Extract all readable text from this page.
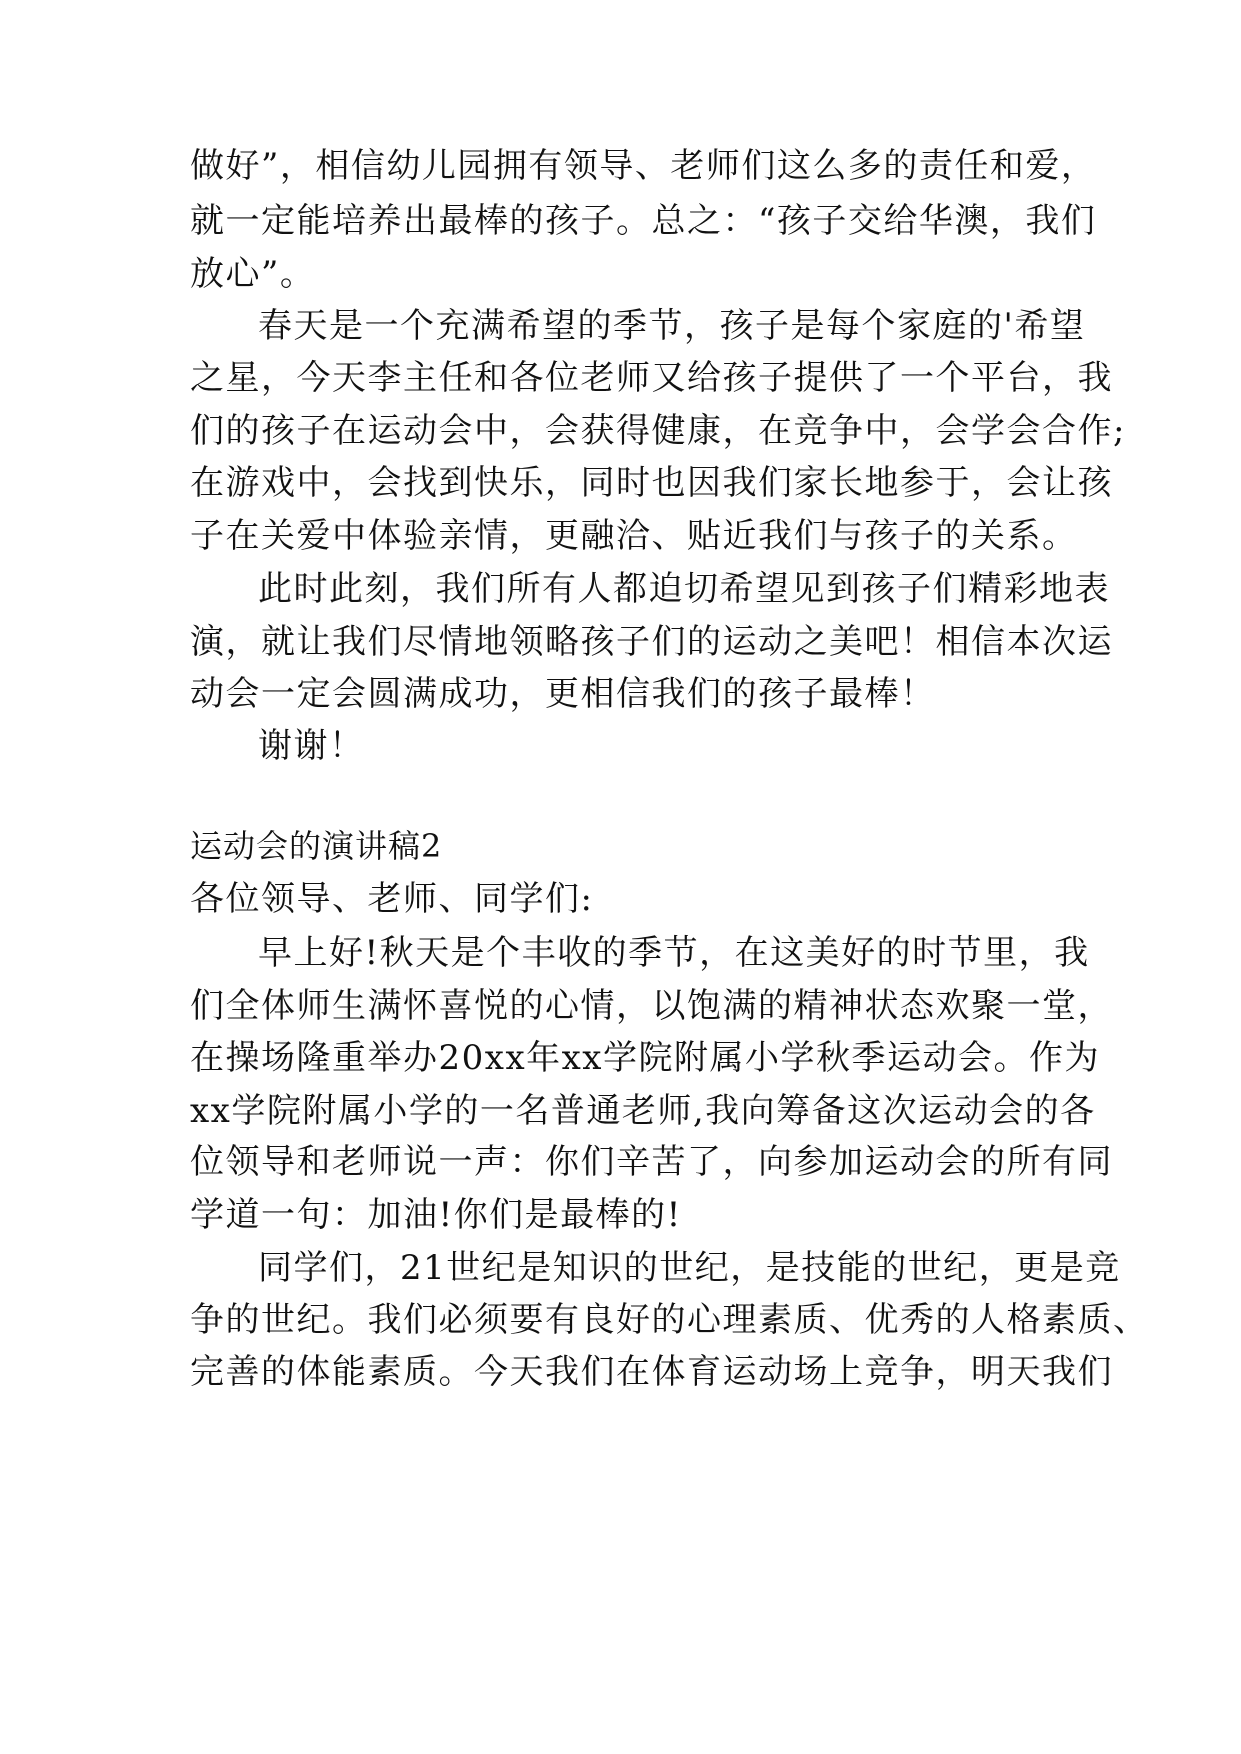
做好”，相信幼儿园拥有领导、老师们这么多的责任和爱，
就一定能培养出最棒的孩子。总之：“孩子交给华澳，我们
放心”。
春天是一个充满希望的季节，孩子是每个家庭的'希望
之星，今天李主任和各位老师又给孩子提供了一个平台，我
们的孩子在运动会中，会获得健康，在竞争中，会学会合作;
在游戏中，会找到快乐，同时也因我们家长地参于，会让孩
子在关爱中体验亲情，更融洽、贴近我们与孩子的关系。
此时此刻，我们所有人都迫切希望见到孩子们精彩地表
演，就让我们尽情地领略孩子们的运动之美吧！相信本次运
动会一定会圆满成功，更相信我们的孩子最棒！
谢谢！
运动会的演讲稿2
各位领导、老师、同学们:
早上好!秋天是个丰收的季节，在这美好的时节里，我
们全体师生满怀喜悦的心情，以饱满的精神状态欢聚一堂，
在操场隆重举办20xx年xx学院附属小学秋季运动会。作为
xx学院附属小学的一名普通老师,我向筹备这次运动会的各
位领导和老师说一声：你们辛苦了，向参加运动会的所有同
学道一句：加油!你们是最棒的!
同学们，21世纪是知识的世纪，是技能的世纪，更是竞
争的世纪。我们必须要有良好的心理素质、优秀的人格素质、
完善的体能素质。今天我们在体育运动场上竞争，明天我们
